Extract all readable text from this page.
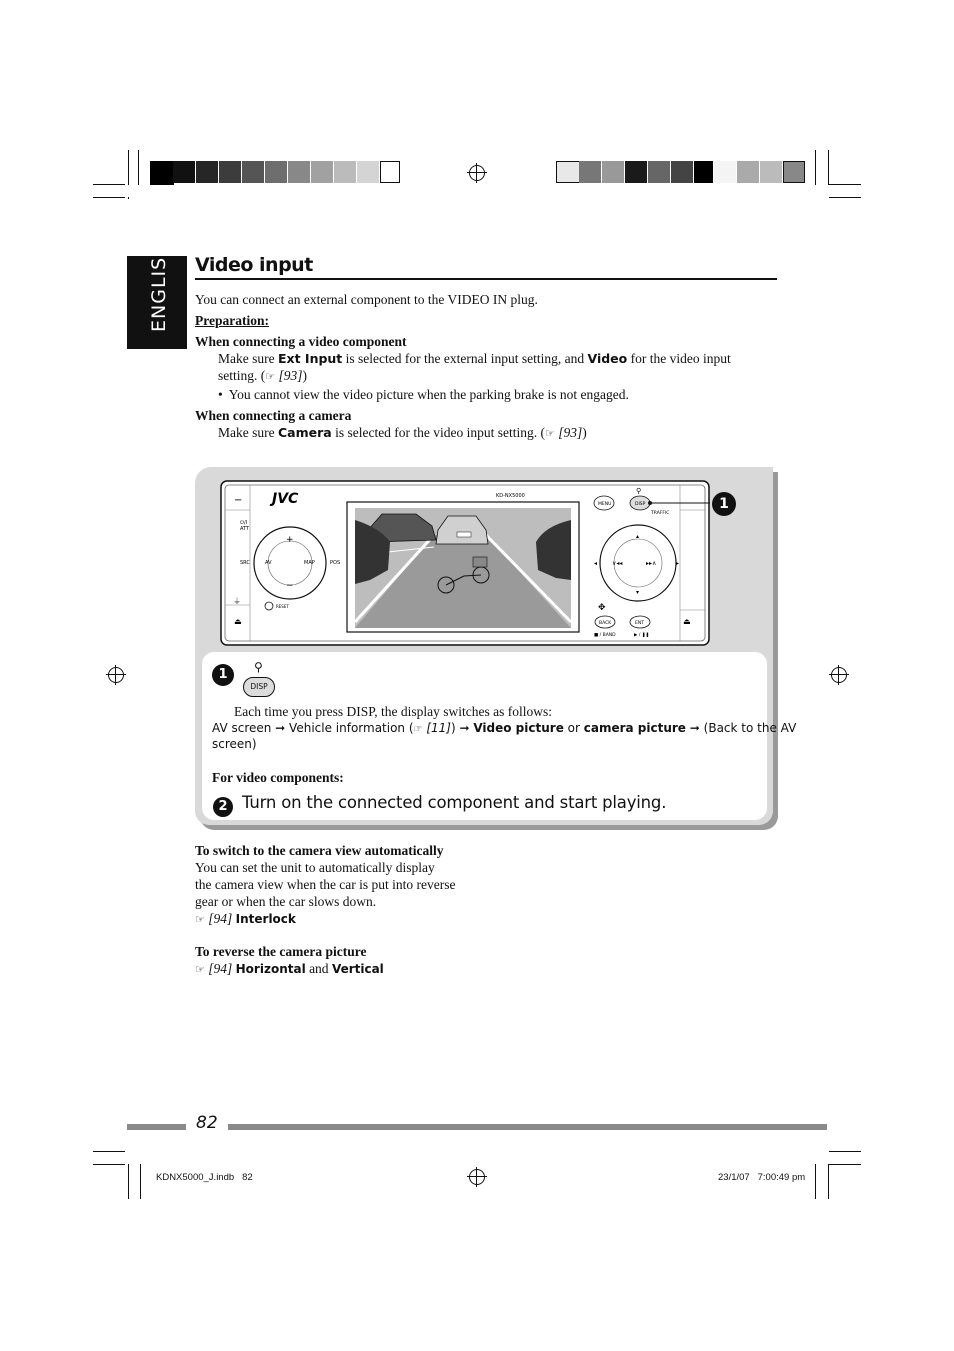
ENGLISH	Video input
You can connect an external component to the VIDEO IN plug.
Preparation:
When connecting a video component
Make sure Ext Input is selected for the external input setting, and Video for the video input
setting. (☞ [93])
• You cannot view the video picture when the parking brake is not engaged.
When connecting a camera
Make sure Camera is selected for the video input setting. (☞ [93])
−
⏻/I
ATT
SRC
⏚
⏏
JVC	KD-NX5000
+
−
AV	MAP	POS
RESET
MENU	DISP
⚲
TRAFFIC
∨◂◂	▸▸∧
◂	▸
▴
▾
✥
BACK	ENT
■ / BAND	▶ / ❚❚
⏏
1
1	⚲
DISP
Each time you press DISP, the display switches as follows:
AV screen ➞ Vehicle information (☞ [11]) ➞ Video picture or camera picture ➞ (Back to the AV
screen)
For video components:
2 Turn on the connected component and start playing.
To switch to the camera view automatically
You can set the unit to automatically display
the camera view when the car is put into reverse
gear or when the car slows down.
☞ [94] Interlock
To reverse the camera picture
☞ [94] Horizontal and Vertical
82
KDNX5000_J.indb   82	23/1/07   7:00:49 pm
